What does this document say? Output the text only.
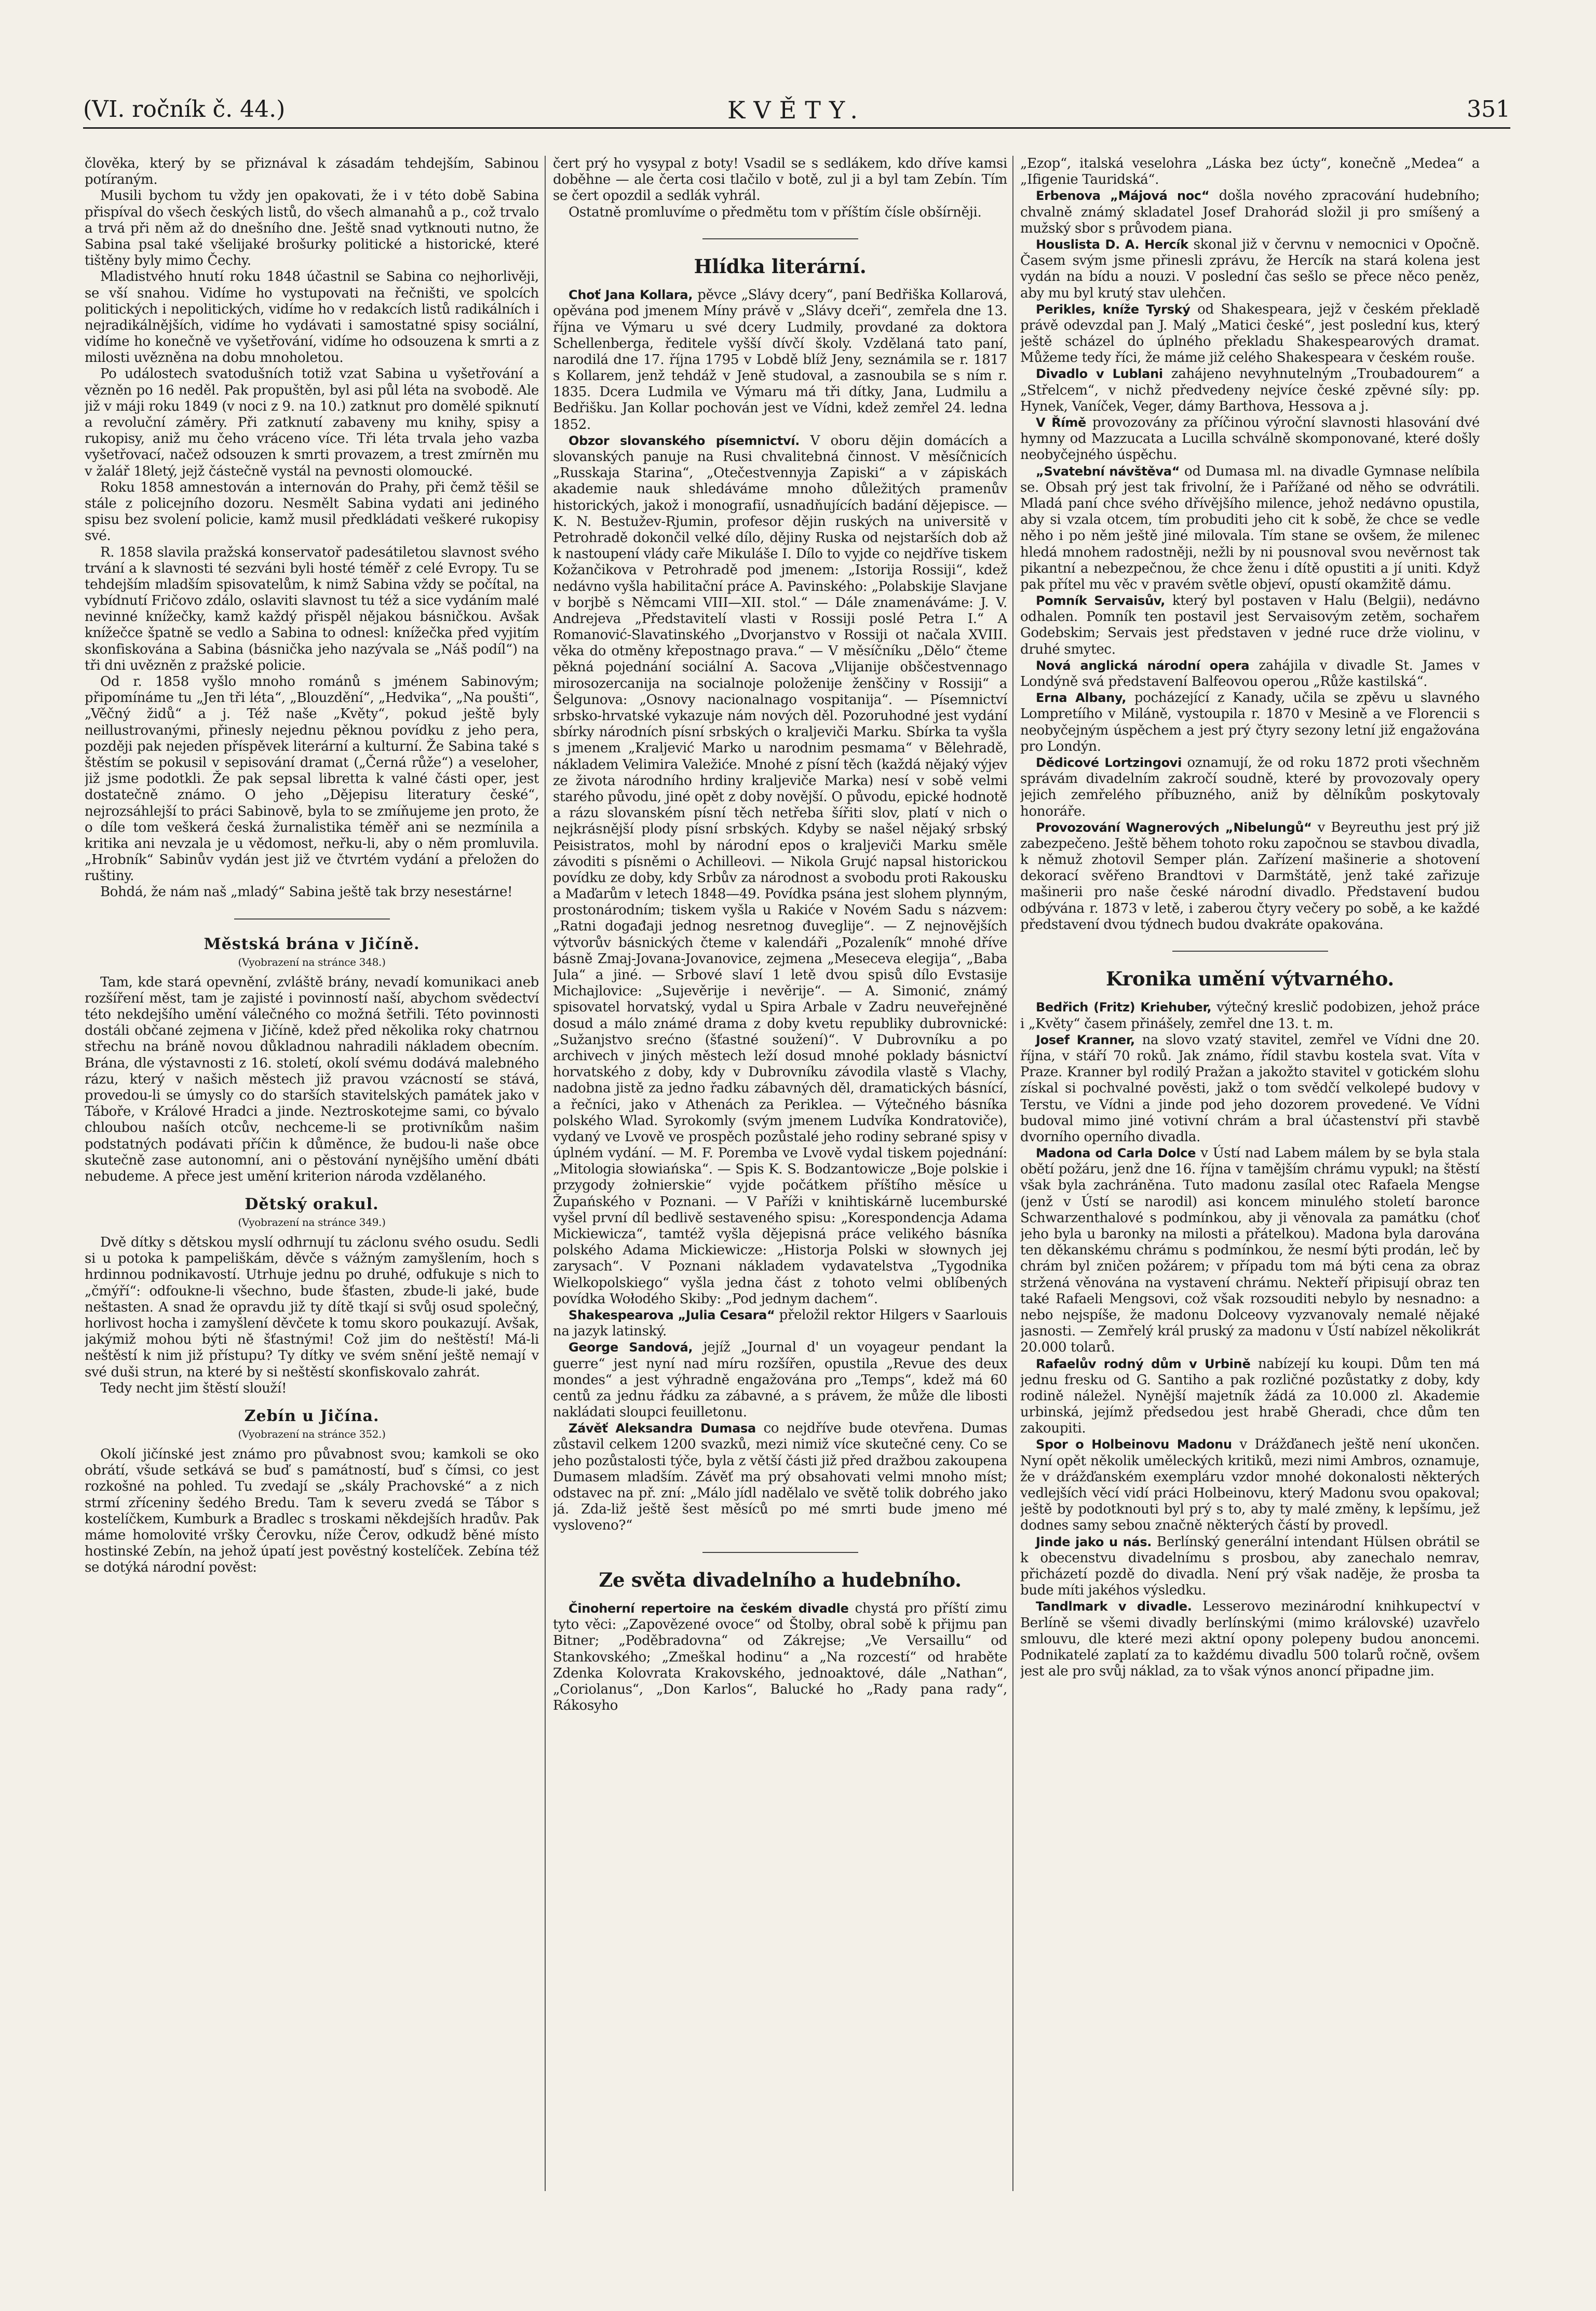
(VI. ročník č. 44.)	KVĚTY.	351

člověka, který by se přiznával k zásadám tehdejším, Sabinou potíraným.

Musili bychom tu vždy jen opakovati, že i v této době Sabina přispíval do všech českých listů, do všech almanahů a p., což trvalo a trvá při něm až do dnešního dne. Ještě snad vytknouti nutno, že Sabina psal také všelijaké brošurky politické a historické, které tištěny byly mimo Čechy.

Mladistvého hnutí roku 1848 účastnil se Sabina co nejhorlivěji, se vší snahou. Vidíme ho vystupovati na řečništi, ve spolcích politických i nepolitických, vidíme ho v redakcích listů radikálních i nejradikálnějších, vidíme ho vydávati i samostatné spisy sociální, vidíme ho konečně ve vyšetřování, vidíme ho odsouzena k smrti a z milosti uvězněna na dobu mnoholetou.

Po událostech svatodušních totiž vzat Sabina u vyšetřování a vězněn po 16 neděl. Pak propuštěn, byl asi půl léta na svobodě. Ale již v máji roku 1849 (v noci z 9. na 10.) zatknut pro domělé spiknutí a revoluční záměry. Při zatknutí zabaveny mu knihy, spisy a rukopisy, aniž mu čeho vráceno více. Tři léta trvala jeho vazba vyšetřovací, načež odsouzen k smrti provazem, a trest zmírněn mu v žalář 18letý, jejž částečně vystál na pevnosti olomoucké.

Roku 1858 amnestován a internován do Prahy, při čemž těšil se stále z policejního dozoru. Nesmělt Sabina vydati ani jediného spisu bez svolení policie, kamž musil předkládati veškeré rukopisy své.

R. 1858 slavila pražská konservatoř padesátiletou slavnost svého trvání a k slavnosti té sezváni byli hosté téměř z celé Evropy. Tu se tehdejším mladším spisovatelům, k nimž Sabina vždy se počítal, na vybídnutí Fričovo zdálo, oslaviti slavnost tu též a sice vydáním malé nevinné knížečky, kamž každý přispěl nějakou básničkou. Avšak knížečce špatně se vedlo a Sabina to odnesl: knížečka před vyjitím skonfiskována a Sabina (básnička jeho nazývala se „Náš podíl“) na tři dni uvězněn z pražské policie.

Od r. 1858 vyšlo mnoho románů s jménem Sabinovým; připomínáme tu „Jen tři léta“, „Blouzdění“, „Hedvika“, „Na poušti“, „Věčný židů“ a j. Též naše „Květy“, pokud ještě byly neillustrovanými, přinesly nejednu pěknou povídku z jeho pera, později pak nejeden příspěvek literární a kulturní. Že Sabina také s štěstím se pokusil v sepisování dramat („Černá růže“) a veseloher, již jsme podotkli. Že pak sepsal libretta k valné části oper, jest dostatečně známo. O jeho „Dějepisu literatury české“, nejrozsáhlejší to práci Sabinově, byla to se zmíňujeme jen proto, že o díle tom veškerá česká žurnalistika téměř ani se nezmínila a kritika ani nevzala je u vědomost, neřku-li, aby o něm promluvila. „Hrobník“ Sabinův vydán jest již ve čtvrtém vydání a přeložen do ruštiny.

Bohdá, že nám naš „mladý“ Sabina ještě tak brzy nesestárne!

Městská brána v Jičíně.
(Vyobrazení na stránce 348.)

Tam, kde stará opevnění, zvláště brány, nevadí komunikaci aneb rozšíření měst, tam je zajisté i povinností naší, abychom svědectví této nekdejšího umění válečného co možná šetřili. Této povinnosti dostáli občané zejmena v Jičíně, kdež před několika roky chatrnou střechu na bráně novou důkladnou nahradili nákladem obecním. Brána, dle výstavnosti z 16. století, okolí svému dodává malebného rázu, který v našich městech již pravou vzácností se stává, provedou-li se úmysly co do starších stavitelských památek jako v Táboře, v Králové Hradci a jinde. Neztroskotejme sami, co bývalo chloubou naších otcův, nechceme-li se protivníkům našim podstatných podávati příčin k důměnce, že budou-li naše obce skutečně zase autonomní, ani o pěstování nynějšího umění dbáti nebudeme. A přece jest umění kriterion národa vzdělaného.

Dětský orakul.
(Vyobrazení na stránce 349.)

Dvě dítky s dětskou myslí odhrnují tu záclonu svého osudu. Sedli si u potoka k pampeliškám, děvče s vážným zamyšlením, hoch s hrdinnou podnikavostí. Utrhuje jednu po druhé, odfukuje s nich to „čmýří“: odfoukne-li všechno, bude šťasten, zbude-li jaké, bude neštasten. A snad že opravdu již ty dítě tkají si svůj osud společný, horlivost hocha i zamyšlení děvčete k tomu skoro poukazují. Avšak, jakýmiž mohou býti ně šťastnými! Což jim do neštěstí! Má-li neštěstí k nim již přístupu? Ty dítky ve svém snění ještě nemají v své duši strun, na které by si neštěstí skonfiskovalo zahrát.

Tedy necht jim štěstí slouží!

Zebín u Jičína.
(Vyobrazení na stránce 352.)

Okolí jičínské jest známo pro půvabnost svou; kamkoli se oko obrátí, všude setkává se buď s památností, buď s čímsi, co jest rozkošné na pohled. Tu zvedají se „skály Prachovské“ a z nich strmí zříceniny šedého Bredu. Tam k severu zvedá se Tábor s kostelíčkem, Kumburk a Bradlec s troskami někdejších hradův. Pak máme homolovité vršky Čerovku, níže Čerov, odkudž běné místo hostinské Zebín, na jehož úpatí jest pověstný kostelíček. Zebína též se dotýká národní pověst:

čert prý ho vysypal z boty! Vsadil se s sedlákem, kdo dříve kamsi doběhne — ale čerta cosi tlačilo v botě, zul ji a byl tam Zebín. Tím se čert opozdil a sedlák vyhrál.

Ostatně promluvíme o předmětu tom v příštím čísle obšírněji.

Hlídka literární.

Choť Jana Kollara, pěvce „Slávy dcery“, paní Bedřiška Kollarová, opěvána pod jmenem Míny právě v „Slávy dceři“, zemřela dne 13. října ve Výmaru u své dcery Ludmily, provdané za doktora Schellenberga, ředitele vyšší dívčí školy. Vzdělaná tato paní, narodilá dne 17. října 1795 v Lobdě blíž Jeny, seznámila se r. 1817 s Kollarem, jenž tehdáž v Jeně studoval, a zasnoubila se s ním r. 1835. Dcera Ludmila ve Výmaru má tři dítky, Jana, Ludmilu a Bedřišku. Jan Kollar pochován jest ve Vídni, kdež zemřel 24. ledna 1852.

Obzor slovanského písemnictví. V oboru dějin domácích a slovanských panuje na Rusi chvalitebná činnost. V měsíčnicích „Russkaja Starina“, „Otečestvennyja Zapiski“ a v zápiskách akademie nauk shledáváme mnoho důležitých pramenův historických, jakož i monografií, usnadňujících badání dějepisce. — K. N. Bestužev-Rjumin, profesor dějin ruských na universitě v Petrohradě dokončil velké dílo, dějiny Ruska od nejstarších dob až k nastoupení vlády caře Mikuláše I. Dílo to vyjde co nejdříve tiskem Kožančikova v Petrohradě pod jmenem: „Istorija Rossiji“, kdež nedávno vyšla habilitační práce A. Pavinského: „Polabskije Slavjane v borjbě s Němcami VIII—XII. stol.“ — Dále znamenáváme: J. V. Andrejeva „Představitelí vlasti v Rossiji poslé Petra I.“ A Romanović-Slavatinského „Dvorjanstvo v Rossiji ot načala XVIII. věka do otměny křepostnago prava.“ — V měsíčníku „Dělo“ čteme pěkná pojednání sociální A. Sacova „Vlijanije obščestvennago mirosozercanija na socialnoje položenije ženščiny v Rossiji“ a Šelgunova: „Osnovy nacionalnago vospitanija“. — Písemnictví srbsko-hrvatské vykazuje nám nových děl. Pozoruhodné jest vydání sbírky národních písní srbských o kraljeviči Marku. Sbírka ta vyšla s jmenem „Kraljević Marko u narodnim pesmama“ v Bělehradě, nákladem Velimira Valežiće. Mnohé z písní těch (každá nějaký výjev ze života národního hrdiny kraljeviče Marka) nesí v sobě velmi starého původu, jiné opět z doby novější. O původu, epické hodnotě a rázu slovanském písní těch netřeba šířiti slov, platí v nich o nejkrásnější plody písní srbských. Kdyby se našel nějaký srbský Peisistratos, mohl by národní epos o kraljeviči Marku směle závoditi s písněmi o Achilleovi. — Nikola Grujć napsal historickou povídku ze doby, kdy Srbův za národnost a svobodu proti Rakousku a Maďarům v letech 1848—49. Povídka psána jest slohem plynným, prostonárodním; tiskem vyšla u Rakiće v Novém Sadu s názvem: „Ratni događaji jednog nesretnog đuveglije“. — Z nejnovějších výtvorův básnických čteme v kalendáři „Pozaleník“ mnohé dříve básně Zmaj-Jovana-Jovanovice, zejmena „Meseceva elegija“, „Baba Jula“ a jiné. — Srbové slaví 1 letě dvou spisů dílo Evstasije Michajlovice: „Sujevěrije i nevěrije“. — A. Simonić, známý spisovatel horvatský, vydal u Spira Arbale v Zadru neuveřejněné dosud a málo známé drama z doby kvetu republiky dubrovnické: „Sužanjstvo srećno (šťastné soužení)“. V Dubrovníku a po archivech v jiných městech leží dosud mnohé poklady básnictví horvatského z doby, kdy v Dubrovníku závodila vlastě s Vlachy, nadobna jistě za jedno řadku zábavných děl, dramatických básnící, a řečníci, jako v Athenách za Periklea. — Výtečného básníka polského Wlad. Syrokomly (svým jmenem Ludvíka Kondratoviče), vydaný ve Lvově ve prospěch pozůstalé jeho rodiny sebrané spisy v úplném vydání. — M. F. Poremba ve Lvově vydal tiskem pojednání: „Mitologia słowiańska“. — Spis K. S. Bodzantowicze „Boje polskie i przygody żołnierskie“ vyjde počátkem příštího měsíce u Župańského v Poznani. — V Paříži v knihtiskárně lucemburské vyšel první díl bedlivě sestaveného spisu: „Korespondencja Adama Mickiewicza“, tamtéž vyšla dějepisná práce velikého básníka polského Adama Mickiewicze: „Historja Polski w słownych jej zarysach“. V Poznani nákladem vydavatelstva „Tygodnika Wielkopolskiego“ vyšla jedna část z tohoto velmi oblíbených povídka Wołodého Skiby: „Pod jednym dachem“.

Shakespearova „Julia Cesara“ přeložil rektor Hilgers v Saarlouis na jazyk latinský.

George Sandová, jejíž „Journal d' un voyageur pendant la guerre“ jest nyní nad míru rozšířen, opustila „Revue des deux mondes“ a jest výhradně engažována pro „Temps“, kdež má 60 centů za jednu řádku za zábavné, a s právem, že může dle libosti nakládati sloupci feuilletonu.

Závěť Aleksandra Dumasa co nejdříve bude otevřena. Dumas zůstavil celkem 1200 svazků, mezi nimiž více skutečné ceny. Co se jeho pozůstalosti týče, byla z větší části již před dražbou zakoupena Dumasem mladším. Závěť ma prý obsahovati velmi mnoho míst; odstavec na př. zní: „Málo jídl nadělalo ve světě tolik dobrého jako já. Zda-liž ještě šest měsíců po mé smrti bude jmeno mé vysloveno?“

Ze světa divadelního a hudebního.

Činoherní repertoire na českém divadle chystá pro příští zimu tyto věci: „Zapovězené ovoce“ od Štolby, obral sobě k přijmu pan Bitner; „Poděbradovna“ od Zákrejse; „Ve Versaillu“ od Stankovského; „Zmeškal hodinu“ a „Na rozcestí“ od hraběte Zdenka Kolovrata Krakovského, jednoaktové, dále „Nathan“, „Coriolanus“, „Don Karlos“, Balucké ho „Rady pana rady“, Rákosyho

„Ezop“, italská veselohra „Láska bez úcty“, konečně „Medea“ a „Ifigenie Tauridská“.

Erbenova „Májová noc“ došla nového zpracování hudebního; chvalně známý skladatel Josef Drahorád složil ji pro smíšený a mužský sbor s průvodem piana.

Houslista D. A. Hercík skonal již v červnu v nemocnici v Opočně. Časem svým jsme přinesli zprávu, že Hercík na stará kolena jest vydán na bídu a nouzi. V poslední čas sešlo se přece něco peněz, aby mu byl krutý stav ulehčen.

Perikles, kníže Tyrský od Shakespeara, jejž v českém překladě právě odevzdal pan J. Malý „Matici české“, jest poslední kus, který ještě scházel do úplného překladu Shakespearových dramat. Můžeme tedy říci, že máme již celého Shakespeara v českém rouše.

Divadlo v Lublani zahájeno nevyhnutelným „Troubadourem“ a „Střelcem“, v nichž předvedeny nejvíce české zpěvné síly: pp. Hynek, Vaníček, Veger, dámy Barthova, Hessova a j.

V Římě provozovány za příčinou výroční slavnosti hlasování dvé hymny od Mazzucata a Lucilla schválně skomponované, které došly neobyčejného úspěchu.

„Svatební návštěva“ od Dumasa ml. na divadle Gymnase nelíbila se. Obsah prý jest tak frivolní, že i Pařížané od něho se odvrátili. Mladá paní chce svého dřívějšího milence, jehož nedávno opustila, aby si vzala otcem, tím probuditi jeho cit k sobě, že chce se vedle něho i po něm ještě jiné milovala. Tím stane se ovšem, že milenec hledá mnohem radostněji, nežli by ni pousnoval svou nevěrnost tak pikantní a nebezpečnou, že chce ženu i dítě opustiti a jí uniti. Když pak přítel mu věc v pravém světle objeví, opustí okamžitě dámu.

Pomník Servaisův, který byl postaven v Halu (Belgii), nedávno odhalen. Pomník ten postavil jest Servaisovým zetěm, sochařem Godebskim; Servais jest představen v jedné ruce drže violinu, v druhé smytec.

Nová anglická národní opera zahájila v divadle St. James v Londýně svá představení Balfeovou operou „Růže kastilská“.

Erna Albany, pocházející z Kanady, učila se zpěvu u slavného Lompretíího v Miláně, vystoupila r. 1870 v Mesině a ve Florencii s neobyčejným úspěchem a jest prý čtyry sezony letní již engažována pro Londýn.

Dědicové Lortzingovi oznamují, že od roku 1872 proti všechněm správám divadelním zakročí soudně, které by provozovaly opery jejich zemřelého příbuzného, aniž by dělníkům poskytovaly honoráře.

Provozování Wagnerových „Nibelungů“ v Beyreuthu jest prý již zabezpečeno. Ještě během tohoto roku započnou se stavbou divadla, k němuž zhotovil Semper plán. Zařízení mašinerie a shotovení dekorací svěřeno Brandtovi v Darmštátě, jenž také zařizuje mašinerii pro naše české národní divadlo. Představení budou odbývána r. 1873 v letě, i zaberou čtyry večery po sobě, a ke každé představení dvou týdnech budou dvakráte opakována.

Kronika umění výtvarného.

Bedřich (Fritz) Kriehuber, výtečný kreslič podobizen, jehož práce i „Květy“ časem přinášely, zemřel dne 13. t. m.

Josef Kranner, na slovo vzatý stavitel, zemřel ve Vídni dne 20. října, v stáří 70 roků. Jak známo, řídil stavbu kostela svat. Víta v Praze. Kranner byl rodilý Pražan a jakožto stavitel v gotickém slohu získal si pochvalné pověsti, jakž o tom svědčí velkolepé budovy v Terstu, ve Vídni a jinde pod jeho dozorem provedené. Ve Vídni budoval mimo jiné votivní chrám a bral účastenství při stavbě dvorního operního divadla.

Madona od Carla Dolce v Ústí nad Labem málem by se byla stala obětí požáru, jenž dne 16. října v tamějším chrámu vypukl; na štěstí však byla zachráněna. Tuto madonu zasílal otec Rafaela Mengse (jenž v Ústí se narodil) asi koncem minulého století baronce Schwarzenthalové s podmínkou, aby ji věnovala za památku (choť jeho byla u baronky na milosti a přátelkou). Madona byla darována ten děkanskému chrámu s podmínkou, že nesmí býti prodán, leč by chrám byl zničen požárem; v případu tom má býti cena za obraz stržená věnována na vystavení chrámu. Nekteří připisují obraz ten také Rafaeli Mengsovi, což však rozsouditi nebylo by nesnadno: a nebo nejspíše, že madonu Dolceovy vyzvanovaly nemalé nějaké jasnosti. — Zemřelý král pruský za madonu v Ústí nabízel několikrát 20.000 tolarů.

Rafaelův rodný dům v Urbině nabízejí ku koupi. Dům ten má jednu fresku od G. Santiho a pak rozličné pozůstatky z doby, kdy rodině náležel. Nynější majetník žádá za 10.000 zl. Akademie urbinská, jejímž předsedou jest hrabě Gheradi, chce dům ten zakoupiti.

Spor o Holbeinovu Madonu v Drážďanech ještě není ukončen. Nyní opět několik uměleckých kritiků, mezi nimi Ambros, oznamuje, že v drážďanském exempláru vzdor mnohé dokonalosti některých vedlejších věcí vidí práci Holbeinovu, který Madonu svou opakoval; ještě by podotknouti byl prý s to, aby ty malé změny, k lepšímu, jež dodnes samy sebou značně některých částí by provedl.

Jinde jako u nás. Berlínský generální intendant Hülsen obrátil se k obecenstvu divadelnímu s prosbou, aby zanechalo nemrav, přicházetí pozdě do divadla. Není prý však naděje, že prosba ta bude míti jakéhos výsledku.

Tandlmark v divadle. Lesserovo mezinárodní knihkupectví v Berlíně se všemi divadly berlínskými (mimo královské) uzavřelo smlouvu, dle které mezi aktní opony polepeny budou anoncemi. Podnikatelé zaplatí za to každému divadlu 500 tolarů ročně, ovšem jest ale pro svůj náklad, za to však výnos anoncí připadne jim.
